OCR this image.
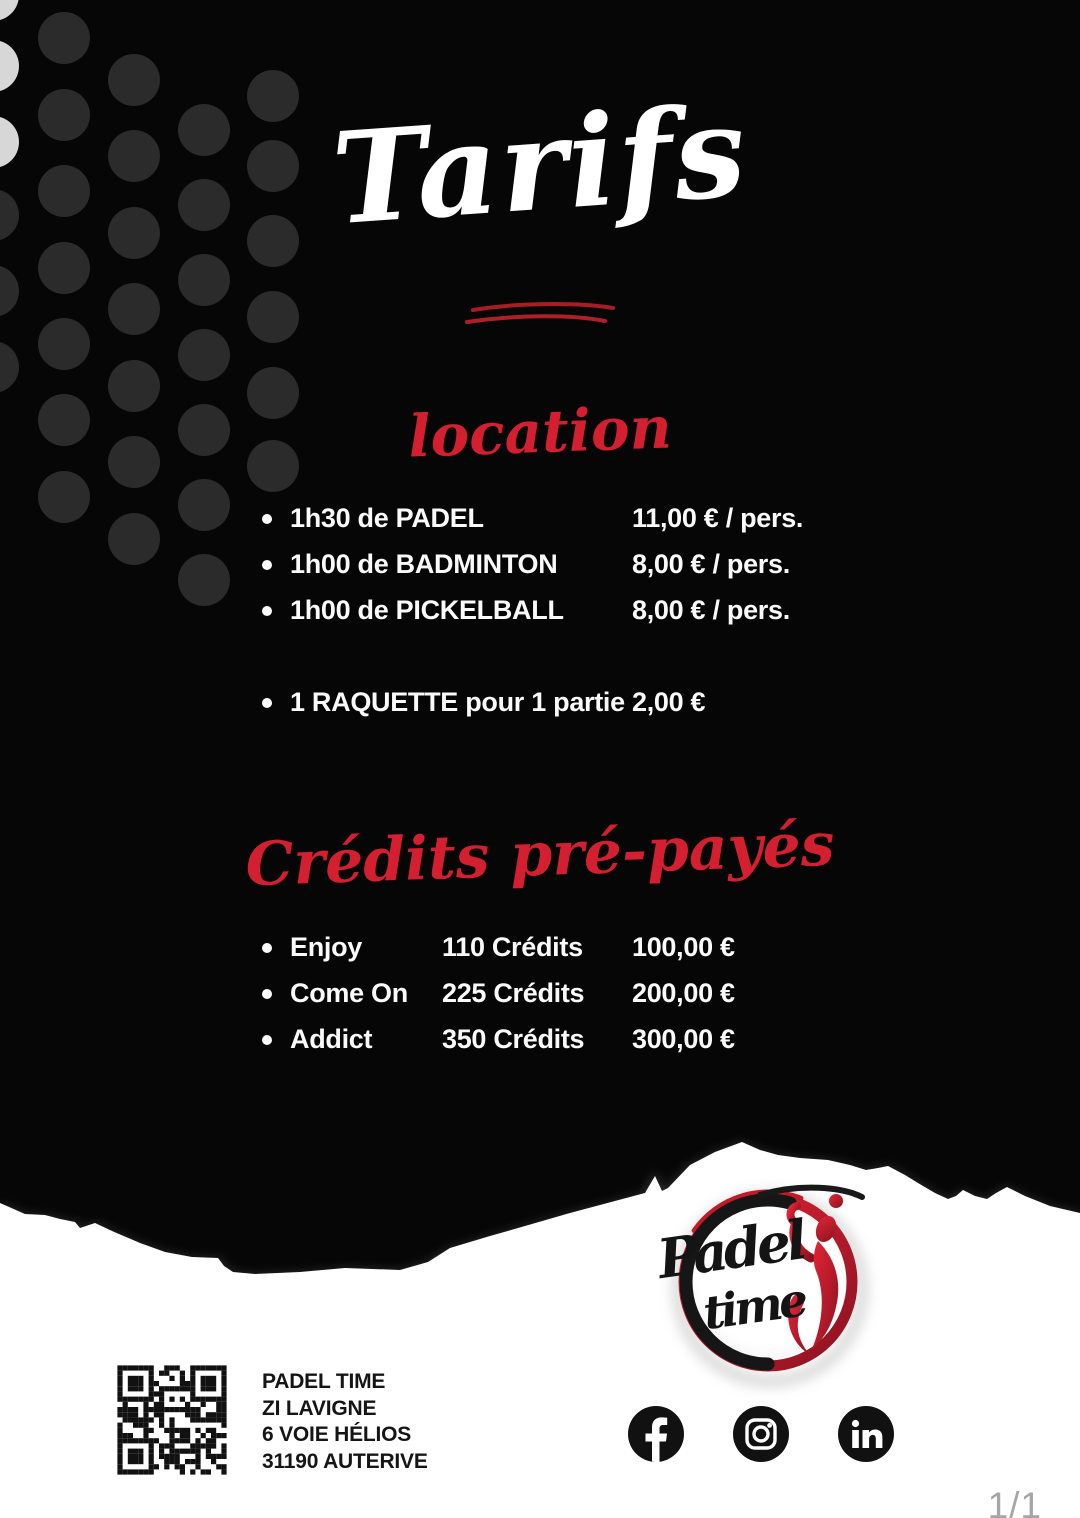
Tarifs
location
1h30 de PADEL	11,00 € / pers.
1h00 de BADMINTON	8,00 € / pers.
1h00 de PICKELBALL	8,00 € / pers.
1 RAQUETTE pour 1 partie 2,00 €
Crédits pré-payés
Enjoy	110 Crédits 100,00 €
Come On 225 Crédits 200,00 €
Addict	350 Crédits 300,00 €
Padel
time
PADEL TIME
ZI LAVIGNE
6 VOIE HÉLIOS
31190 AUTERIVE
1/1
